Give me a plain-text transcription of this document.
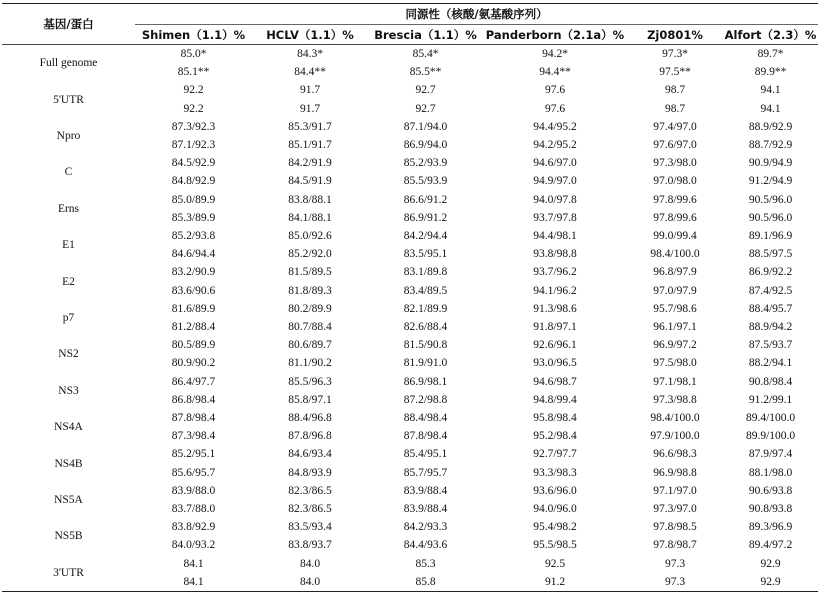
基因/蛋白	同源性（核酸/氨基酸序列）					
	Shimen（1.1）%	HCLV（1.1）%	Brescia（1.1）%	Panderborn（2.1a）%	Zj0801%	Alfort（2.3）%
Full genome	85.0*	84.3*	85.4*	94.2*	97.3*	89.7*
	85.1**	84.4**	85.5**	94.4**	97.5**	89.9**
5'UTR	92.2	91.7	92.7	97.6	98.7	94.1
	92.2	91.7	92.7	97.6	98.7	94.1
Npro	87.3/92.3	85.3/91.7	87.1/94.0	94.4/95.2	97.4/97.0	88.9/92.9
	87.1/92.3	85.1/91.7	86.9/94.0	94.2/95.2	97.6/97.0	88.7/92.9
C	84.5/92.9	84.2/91.9	85.2/93.9	94.6/97.0	97.3/98.0	90.9/94.9
	84.8/92.9	84.5/91.9	85.5/93.9	94.9/97.0	97.0/98.0	91.2/94.9
Erns	85.0/89.9	83.8/88.1	86.6/91.2	94.0/97.8	97.8/99.6	90.5/96.0
	85.3/89.9	84.1/88.1	86.9/91.2	93.7/97.8	97.8/99.6	90.5/96.0
E1	85.2/93.8	85.0/92.6	84.2/94.4	94.4/98.1	99.0/99.4	89.1/96.9
	84.6/94.4	85.2/92.0	83.5/95.1	93.8/98.8	98.4/100.0	88.5/97.5
E2	83.2/90.9	81.5/89.5	83.1/89.8	93.7/96.2	96.8/97.9	86.9/92.2
	83.6/90.6	81.8/89.3	83.4/89.5	94.1/96.2	97.0/97.9	87.4/92.5
p7	81.6/89.9	80.2/89.9	82.1/89.9	91.3/98.6	95.7/98.6	88.4/95.7
	81.2/88.4	80.7/88.4	82.6/88.4	91.8/97.1	96.1/97.1	88.9/94.2
NS2	80.5/89.9	80.6/89.7	81.5/90.8	92.6/96.1	96.9/97.2	87.5/93.7
	80.9/90.2	81.1/90.2	81.9/91.0	93.0/96.5	97.5/98.0	88.2/94.1
NS3	86.4/97.7	85.5/96.3	86.9/98.1	94.6/98.7	97.1/98.1	90.8/98.4
	86.8/98.4	85.8/97.1	87.2/98.8	94.8/99.4	97.3/98.8	91.2/99.1
NS4A	87.8/98.4	88.4/96.8	88.4/98.4	95.8/98.4	98.4/100.0	89.4/100.0
	87.3/98.4	87.8/96.8	87.8/98.4	95.2/98.4	97.9/100.0	89.9/100.0
NS4B	85.2/95.1	84.6/93.4	85.4/95.1	92.7/97.7	96.6/98.3	87.9/97.4
	85.6/95.7	84.8/93.9	85.7/95.7	93.3/98.3	96.9/98.8	88.1/98.0
NS5A	83.9/88.0	82.3/86.5	83.9/88.4	93.6/96.0	97.1/97.0	90.6/93.8
	83.7/88.0	82.3/86.5	83.9/88.4	94.0/96.0	97.3/97.0	90.8/93.8
NS5B	83.8/92.9	83.5/93.4	84.2/93.3	95.4/98.2	97.8/98.5	89.3/96.9
	84.0/93.2	83.8/93.7	84.4/93.6	95.5/98.5	97.8/98.7	89.4/97.2
3'UTR	84.1	84.0	85.3	92.5	97.3	92.9
	84.1	84.0	85.8	91.2	97.3	92.9
